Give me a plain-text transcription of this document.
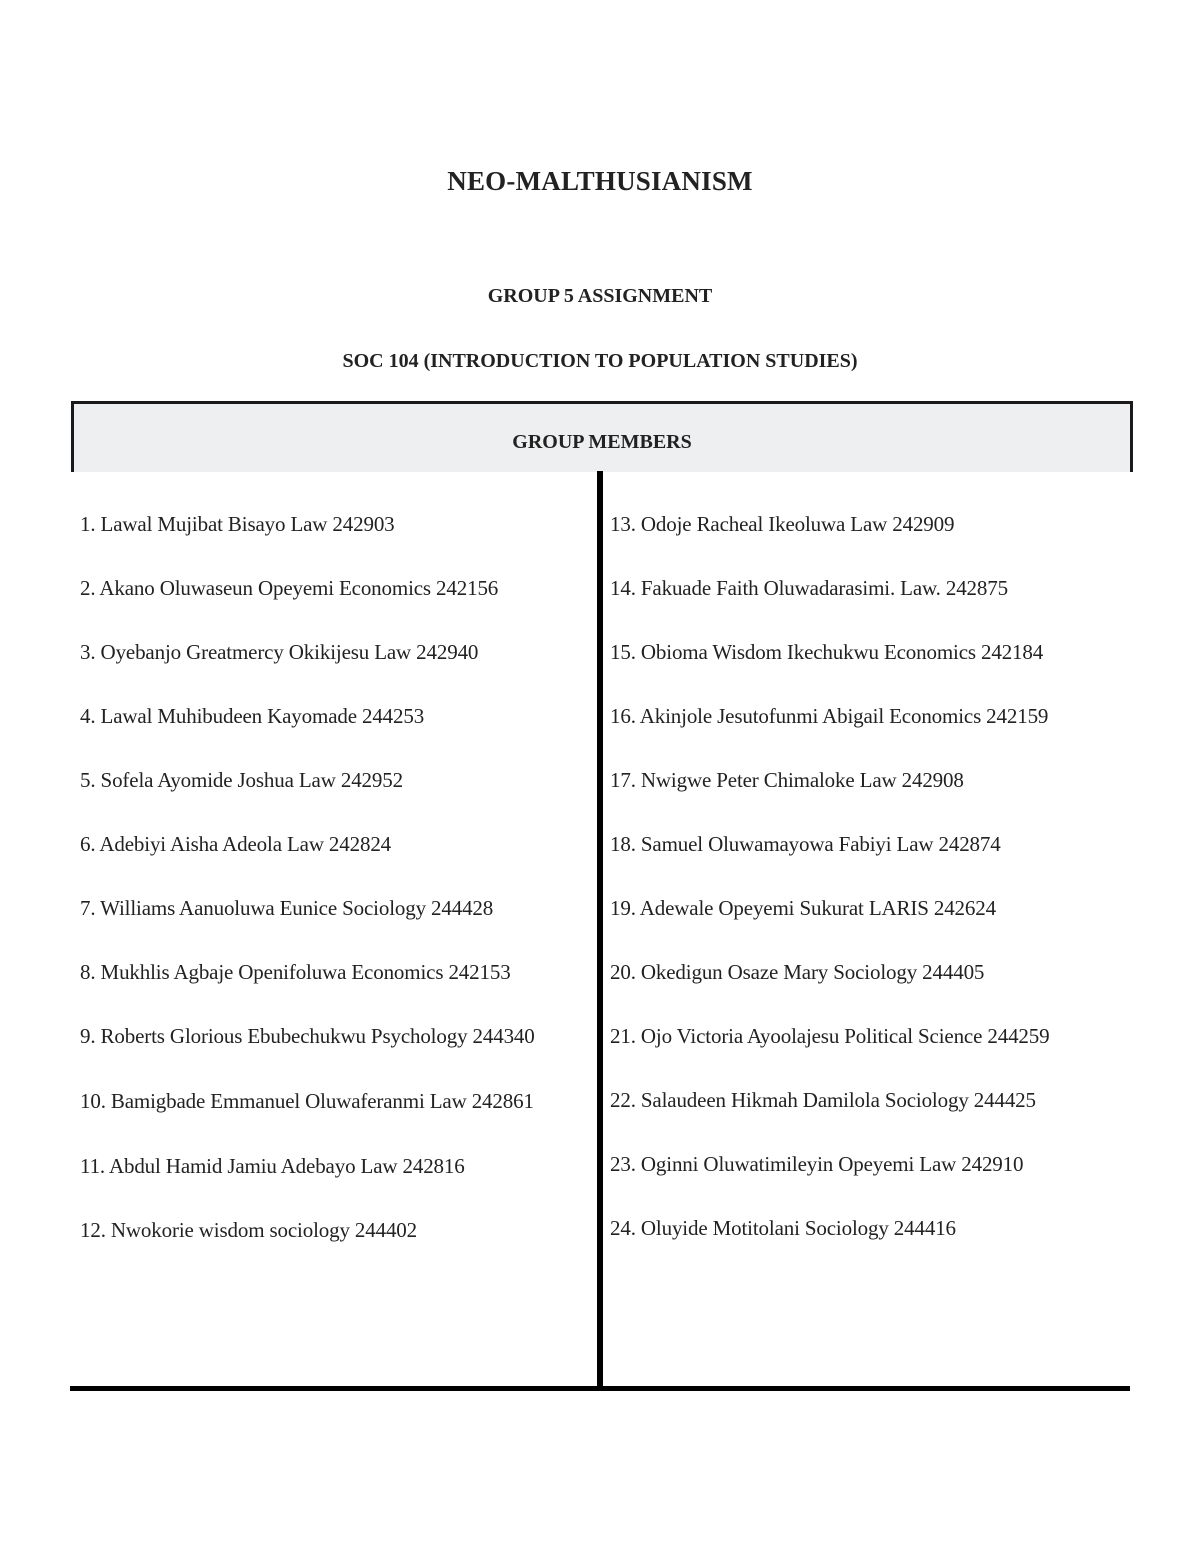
NEO-MALTHUSIANISM
GROUP 5 ASSIGNMENT
SOC 104 (INTRODUCTION TO POPULATION STUDIES)
GROUP MEMBERS
1. Lawal Mujibat Bisayo Law 242903
2. Akano Oluwaseun Opeyemi Economics 242156
3. Oyebanjo Greatmercy Okikijesu Law 242940
4. Lawal Muhibudeen Kayomade 244253
5. Sofela Ayomide Joshua Law 242952
6. Adebiyi Aisha Adeola Law 242824
7. Williams Aanuoluwa Eunice Sociology 244428
8. Mukhlis Agbaje Openifoluwa Economics 242153
9. Roberts Glorious Ebubechukwu Psychology 244340
10. Bamigbade Emmanuel Oluwaferanmi Law 242861
11. Abdul Hamid Jamiu Adebayo Law 242816
12. Nwokorie wisdom sociology 244402
13. Odoje Racheal Ikeoluwa Law 242909
14. Fakuade Faith Oluwadarasimi. Law. 242875
15. Obioma Wisdom Ikechukwu Economics 242184
16. Akinjole Jesutofunmi Abigail Economics 242159
17. Nwigwe Peter Chimaloke Law 242908
18. Samuel Oluwamayowa Fabiyi Law 242874
19. Adewale Opeyemi Sukurat LARIS 242624
20. Okedigun Osaze Mary Sociology 244405
21. Ojo Victoria Ayoolajesu Political Science 244259
22. Salaudeen Hikmah Damilola Sociology 244425
23. Oginni Oluwatimileyin Opeyemi Law 242910
24. Oluyide Motitolani Sociology 244416
